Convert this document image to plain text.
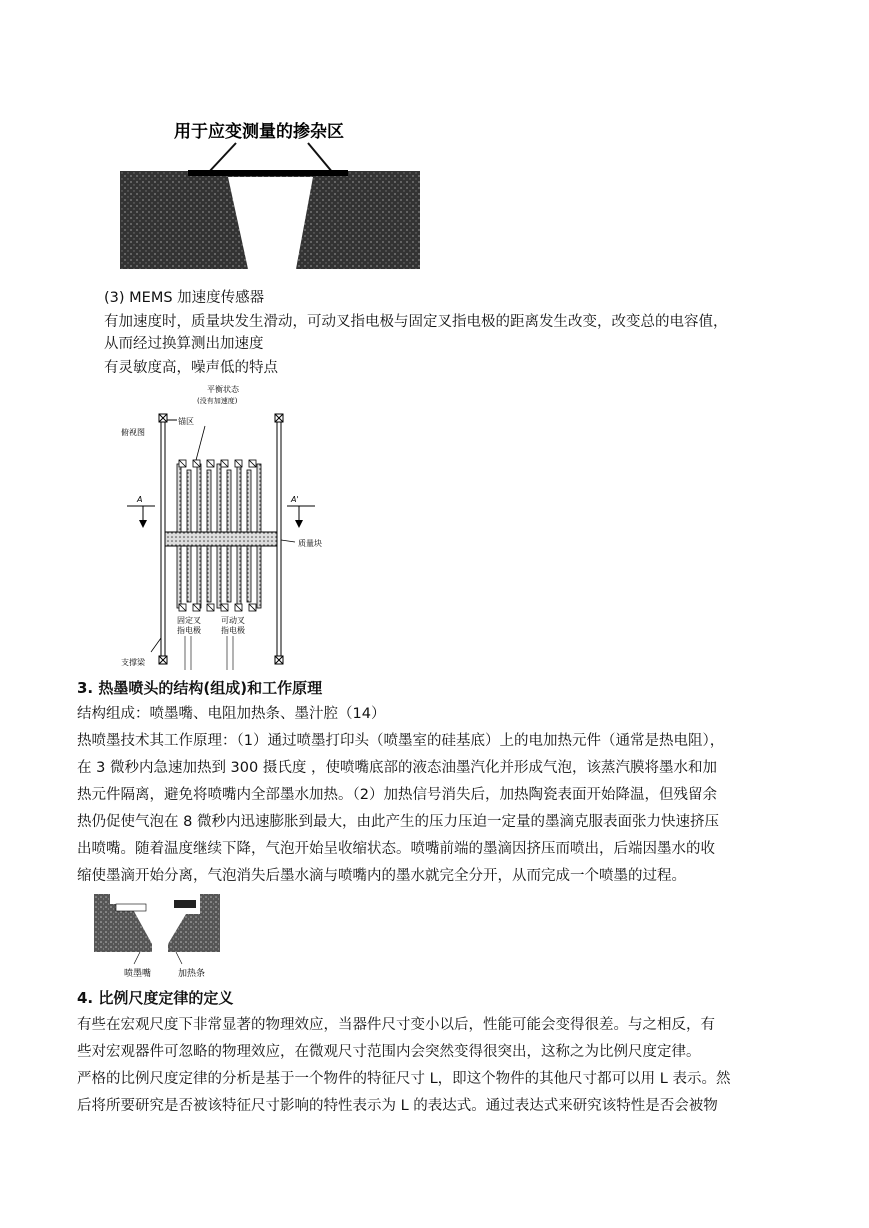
用于应变测量的掺杂区
(3) MEMS 加速度传感器
有加速度时，质量块发生滑动，可动叉指电极与固定叉指电极的距离发生改变，改变总的电容值，
从而经过换算测出加速度
有灵敏度高，噪声低的特点
平衡状态
(没有加速度)
俯视图
锚区
A	A'
质量块
固定叉
指电极
可动叉
指电极
支撑梁
3. 热墨喷头的结构(组成)和工作原理
结构组成：喷墨嘴、电阻加热条、墨汁腔（14）
热喷墨技术其工作原理：（1）通过喷墨打印头（喷墨室的硅基底）上的电加热元件（通常是热电阻），
在 3 微秒内急速加热到 300 摄氏度 ，使喷嘴底部的液态油墨汽化并形成气泡，该蒸汽膜将墨水和加
热元件隔离，避免将喷嘴内全部墨水加热。（2）加热信号消失后，加热陶瓷表面开始降温，但残留余
热仍促使气泡在 8 微秒内迅速膨胀到最大，由此产生的压力压迫一定量的墨滴克服表面张力快速挤压
出喷嘴。随着温度继续下降，气泡开始呈收缩状态。喷嘴前端的墨滴因挤压而喷出，后端因墨水的收
缩使墨滴开始分离，气泡消失后墨水滴与喷嘴内的墨水就完全分开，从而完成一个喷墨的过程。
喷墨嘴	加热条
4. 比例尺度定律的定义
有些在宏观尺度下非常显著的物理效应，当器件尺寸变小以后，性能可能会变得很差。与之相反，有
些对宏观器件可忽略的物理效应，在微观尺寸范围内会突然变得很突出，这称之为比例尺度定律。
严格的比例尺度定律的分析是基于一个物件的特征尺寸 L，即这个物件的其他尺寸都可以用 L 表示。然
后将所要研究是否被该特征尺寸影响的特性表示为 L 的表达式。通过表达式来研究该特性是否会被物
